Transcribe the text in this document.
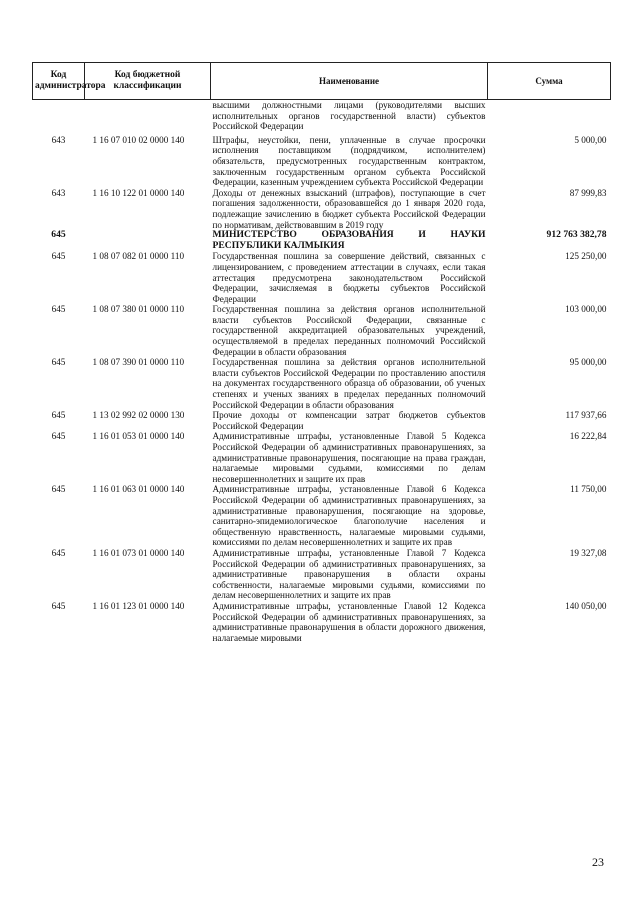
Код администратора	Код бюджетной классификации	Наименование	Сумма
		высшими должностными лицами (руководителями высших исполнительных органов государственной власти) субъектов Российской Федерации	

643	1 16 07 010 02 0000 140	Штрафы, неустойки, пени, уплаченные в случае просрочки исполнения поставщиком (подрядчиком, исполнителем) обязательств, предусмотренных государственным контрактом, заключенным государственным органом субъекта Российской Федерации, казенным учреждением субъекта Российской Федерации	5 000,00
643	1 16 10 122 01 0000 140	Доходы от денежных взысканий (штрафов), поступающие в счет погашения задолженности, образовавшейся до 1 января 2020 года, подлежащие зачислению в бюджет субъекта Российской Федерации по нормативам, действовавшим в 2019 году	87 999,83
645		МИНИСТЕРСТВО ОБРАЗОВАНИЯ И НАУКИ РЕСПУБЛИКИ КАЛМЫКИЯ	912 763 382,78
645	1 08 07 082 01 0000 110	Государственная пошлина за совершение действий, связанных с лицензированием, с проведением аттестации в случаях, если такая аттестация предусмотрена законодательством Российской Федерации, зачисляемая в бюджеты субъектов Российской Федерации	125 250,00
645	1 08 07 380 01 0000 110	Государственная пошлина за действия органов исполнительной власти субъектов Российской Федерации, связанные с государственной аккредитацией образовательных учреждений, осуществляемой в пределах переданных полномочий Российской Федерации в области образования	103 000,00
645	1 08 07 390 01 0000 110	Государственная пошлина за действия органов исполнительной власти субъектов Российской Федерации по проставлению апостиля на документах государственного образца об образовании, об ученых степенях и ученых званиях в пределах переданных полномочий Российской Федерации в области образования	95 000,00
645	1 13 02 992 02 0000 130	Прочие доходы от компенсации затрат бюджетов субъектов Российской Федерации	117 937,66
645	1 16 01 053 01 0000 140	Административные штрафы, установленные Главой 5 Кодекса Российской Федерации об административных правонарушениях, за административные правонарушения, посягающие на права граждан, налагаемые мировыми судьями, комиссиями по делам несовершеннолетних и защите их прав	16 222,84
645	1 16 01 063 01 0000 140	Административные штрафы, установленные Главой 6 Кодекса Российской Федерации об административных правонарушениях, за административные правонарушения, посягающие на здоровье, санитарно-эпидемиологическое благополучие населения и общественную нравственность, налагаемые мировыми судьями, комиссиями по делам несовершеннолетних и защите их прав	11 750,00
645	1 16 01 073 01 0000 140	Административные штрафы, установленные Главой 7 Кодекса Российской Федерации об административных правонарушениях, за административные правонарушения в области охраны собственности, налагаемые мировыми судьями, комиссиями по делам несовершеннолетних и защите их прав	19 327,08
645	1 16 01 123 01 0000 140	Административные штрафы, установленные Главой 12 Кодекса Российской Федерации об административных правонарушениях, за административные правонарушения в области дорожного движения, налагаемые мировыми	140 050,00
23
